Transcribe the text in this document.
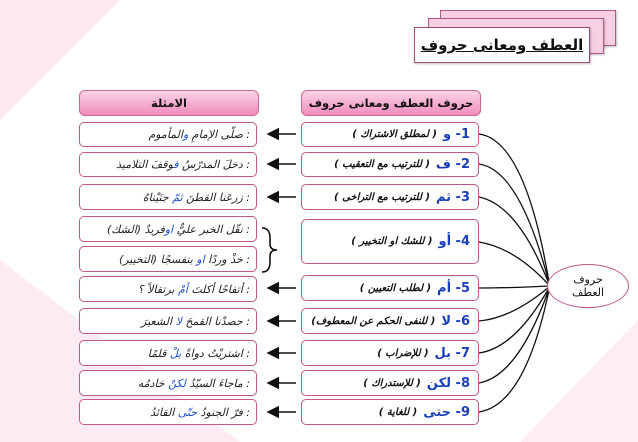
العطف ومعانى حروف
حروف العطف ومعانى حروف
الامثلة
1- و
( لمطلق الاشتراك )
2- ف
( للترتيب مع التعقيب )
3- ثم
( للترتيب مع التراخى )
4- أو
( للشك او التخيير )
5- أم
( لطلب التعيين )
6- لا
( للنفى الحكم عن المعطوف)
7- بل
( للإضراب )
8- لكن
( للإستدراك )
9- حتى
( للغاية )
حروف
العطف
: صلّى الإمامِ والمأموم
: دخلَ المدرّسُ فوقفَ التلاميذ
: زرعَنا القطنَ ثمّ جنَيْناهُ
: نقّل الخبر عليٌّ اوفريدٌ (الشك)
: خذْ وردًا او بنفسجًا (التخيير)
: أتفاحًا أكلتَ أمْ برتقالاً ؟
: حصدْنا القمحَ لا الشعيرَ
: اشتريْتُ دواةً بلْ قلمًا
: ماجاءَ السيّدُ لكنْ خادمُه
: فرّ الجنودُ حتّى القائدُ
